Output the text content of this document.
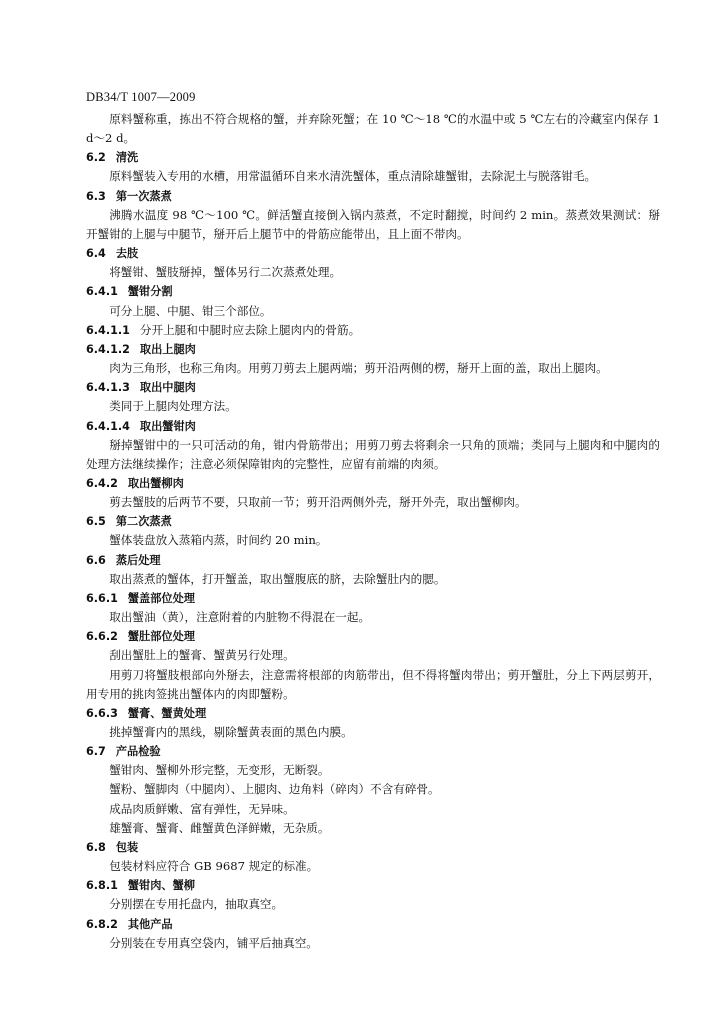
DB34/T 1007—2009
原料蟹称重，拣出不符合规格的蟹，并弃除死蟹；在 10 ℃～18 ℃的水温中或 5 ℃左右的冷藏室内保存 1 d～2 d。
6.2 清洗
原料蟹装入专用的水槽，用常温循环自来水清洗蟹体，重点清除雄蟹钳，去除泥土与脱落钳毛。
6.3 第一次蒸煮
沸腾水温度 98 ℃～100 ℃。鲜活蟹直接倒入锅内蒸煮，不定时翻搅，时间约 2 min。蒸煮效果测试：掰开蟹钳的上腿与中腿节，掰开后上腿节中的骨筋应能带出，且上面不带肉。
6.4 去肢
将蟹钳、蟹肢掰掉，蟹体另行二次蒸煮处理。
6.4.1 蟹钳分割
可分上腿、中腿、钳三个部位。
6.4.1.1 分开上腿和中腿时应去除上腿肉内的骨筋。
6.4.1.2 取出上腿肉
肉为三角形，也称三角肉。用剪刀剪去上腿两端；剪开沿两侧的楞，掰开上面的盖，取出上腿肉。
6.4.1.3 取出中腿肉
类同于上腿肉处理方法。
6.4.1.4 取出蟹钳肉
掰掉蟹钳中的一只可活动的角，钳内骨筋带出；用剪刀剪去将剩余一只角的顶端；类同与上腿肉和中腿肉的处理方法继续操作；注意必须保障钳肉的完整性，应留有前端的肉须。
6.4.2 取出蟹柳肉
剪去蟹肢的后两节不要，只取前一节；剪开沿两侧外壳，掰开外壳，取出蟹柳肉。
6.5 第二次蒸煮
蟹体装盘放入蒸箱内蒸，时间约 20 min。
6.6 蒸后处理
取出蒸煮的蟹体，打开蟹盖，取出蟹腹底的脐，去除蟹肚内的腮。
6.6.1 蟹盖部位处理
取出蟹油（黄），注意附着的内脏物不得混在一起。
6.6.2 蟹肚部位处理
刮出蟹肚上的蟹膏、蟹黄另行处理。
用剪刀将蟹肢根部向外掰去，注意需将根部的肉筋带出，但不得将蟹肉带出；剪开蟹肚，分上下两层剪开，用专用的挑肉签挑出蟹体内的肉即蟹粉。
6.6.3 蟹膏、蟹黄处理
挑掉蟹膏内的黑线，剔除蟹黄表面的黑色内膜。
6.7 产品检验
蟹钳肉、蟹柳外形完整，无变形，无断裂。
蟹粉、蟹脚肉（中腿肉）、上腿肉、边角料（碎肉）不含有碎骨。
成品肉质鲜嫩、富有弹性，无异味。
雄蟹膏、蟹膏、雌蟹黄色泽鲜嫩，无杂质。
6.8 包装
包装材料应符合 GB 9687 规定的标准。
6.8.1 蟹钳肉、蟹柳
分别摆在专用托盘内，抽取真空。
6.8.2 其他产品
分别装在专用真空袋内，铺平后抽真空。
